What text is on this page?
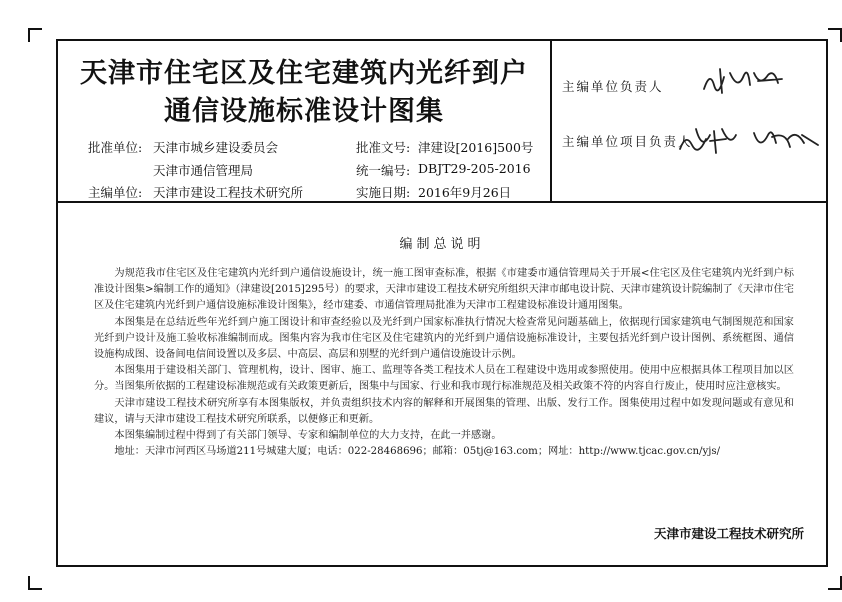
天津市住宅区及住宅建筑内光纤到户
通信设施标准设计图集
批准单位: 天津市城乡建设委员会
天津市通信管理局
主编单位: 天津市建设工程技术研究所
批准文号: 津建设[2016]500号
统一编号: DBJT29-205-2016
实施日期: 2016年9月26日
主编单位负责人
主编单位项目负责人
编制总说明

为规范我市住宅区及住宅建筑内光纤到户通信设施设计，统一施工图审查标准，根据《市建委市通信管理局关于开展<住宅区及住宅建筑内光纤到户标准设计图集>编制工作的通知》（津建设[2015]295号）的要求，天津市建设工程技术研究所组织天津市邮电设计院、天津市建筑设计院编制了《天津市住宅区及住宅建筑内光纤到户通信设施标准设计图集》，经市建委、市通信管理局批准为天津市工程建设标准设计通用图集。

本图集是在总结近些年光纤到户施工图设计和审查经验以及光纤到户国家标准执行情况大检查常见问题基础上，依据现行国家建筑电气制图规范和国家光纤到户设计及施工验收标准编制而成。图集内容为我市住宅区及住宅建筑内的光纤到户通信设施标准设计，主要包括光纤到户设计图例、系统框图、通信设施构成图、设备间电信间设置以及多层、中高层、高层和别墅的光纤到户通信设施设计示例。

本图集用于建设相关部门、管理机构，设计、图审、施工、监理等各类工程技术人员在工程建设中选用或参照使用。使用中应根据具体工程项目加以区分。当图集所依据的工程建设标准规范或有关政策更新后，图集中与国家、行业和我市现行标准规范及相关政策不符的内容自行废止，使用时应注意核实。

天津市建设工程技术研究所享有本图集版权，并负责组织技术内容的解释和开展图集的管理、出版、发行工作。图集使用过程中如发现问题或有意见和建议，请与天津市建设工程技术研究所联系，以便修正和更新。

本图集编制过程中得到了有关部门领导、专家和编制单位的大力支持，在此一并感谢。

地址：天津市河西区马场道211号城建大厦；电话：022-28468696；邮箱：05tj@163.com；网址：http://www.tjcac.gov.cn/yjs/

天津市建设工程技术研究所
